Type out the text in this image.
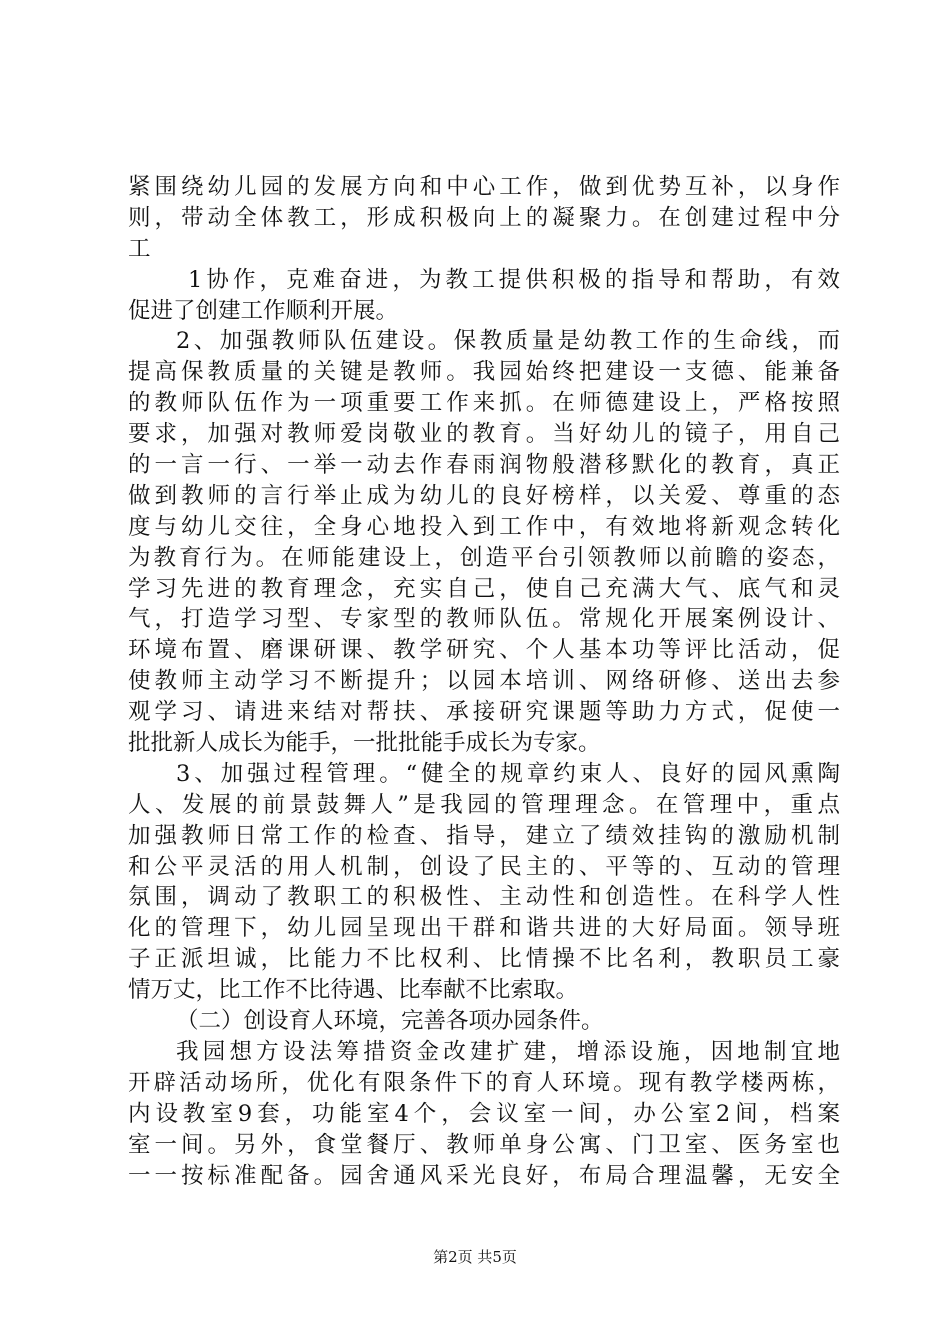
紧围绕幼儿园的发展方向和中心工作，做到优势互补，以身作
则，带动全体教工，形成积极向上的凝聚力。在创建过程中分
工
1协作，克难奋进，为教工提供积极的指导和帮助，有效
促进了创建工作顺利开展。
2、加强教师队伍建设。保教质量是幼教工作的生命线，而
提高保教质量的关键是教师。我园始终把建设一支德、能兼备
的教师队伍作为一项重要工作来抓。在师德建设上，严格按照
要求，加强对教师爱岗敬业的教育。当好幼儿的镜子，用自己
的一言一行、一举一动去作春雨润物般潜移默化的教育，真正
做到教师的言行举止成为幼儿的良好榜样，以关爱、尊重的态
度与幼儿交往，全身心地投入到工作中，有效地将新观念转化
为教育行为。在师能建设上，创造平台引领教师以前瞻的姿态，
学习先进的教育理念，充实自己，使自己充满大气、底气和灵
气，打造学习型、专家型的教师队伍。常规化开展案例设计、
环境布置、磨课研课、教学研究、个人基本功等评比活动，促
使教师主动学习不断提升；以园本培训、网络研修、送出去参
观学习、请进来结对帮扶、承接研究课题等助力方式，促使一
批批新人成长为能手，一批批能手成长为专家。
3、加强过程管理。“健全的规章约束人、良好的园风熏陶
人、发展的前景鼓舞人”是我园的管理理念。在管理中，重点
加强教师日常工作的检查、指导，建立了绩效挂钩的激励机制
和公平灵活的用人机制，创设了民主的、平等的、互动的管理
氛围，调动了教职工的积极性、主动性和创造性。在科学人性
化的管理下，幼儿园呈现出干群和谐共进的大好局面。领导班
子正派坦诚，比能力不比权利、比情操不比名利，教职员工豪
情万丈，比工作不比待遇、比奉献不比索取。
（二）创设育人环境，完善各项办园条件。
我园想方设法筹措资金改建扩建，增添设施，因地制宜地
开辟活动场所，优化有限条件下的育人环境。现有教学楼两栋，
内设教室9套，功能室4个，会议室一间，办公室2间，档案
室一间。另外，食堂餐厅、教师单身公寓、门卫室、医务室也
一一按标准配备。园舍通风采光良好，布局合理温馨，无安全
第2页 共5页
